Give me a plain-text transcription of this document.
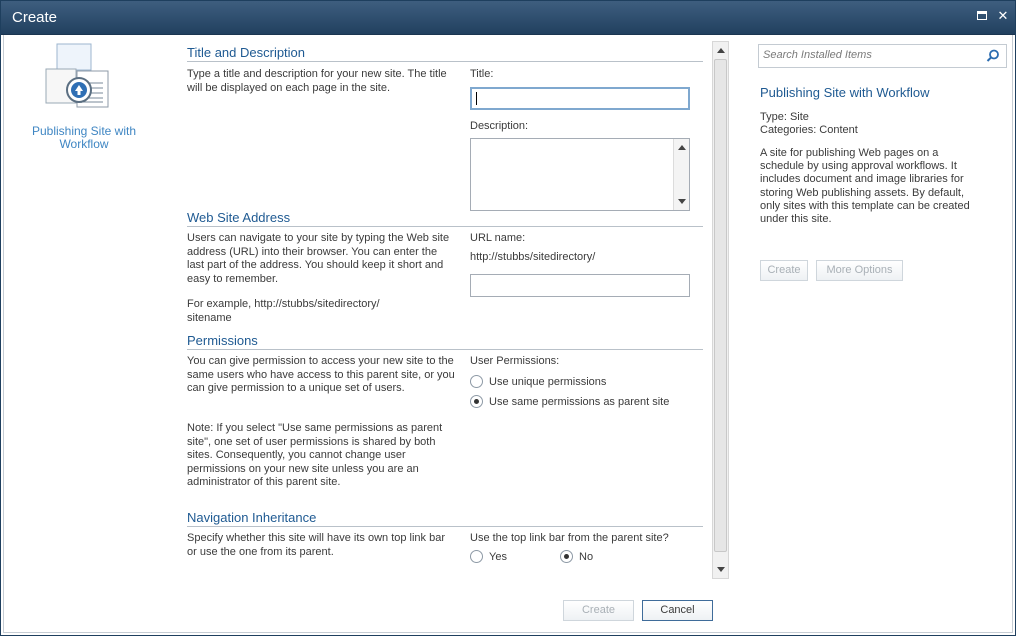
Create	✕
Publishing Site with Workflow
Title and Description
Type a title and description for your new site. The title will be displayed on each page in the site.
Title:
Description:
Web Site Address
Users can navigate to your site by typing the Web site address (URL) into their browser. You can enter the last part of the address. You should keep it short and easy to remember.
For example, http://stubbs/sitedirectory/ sitename
URL name:
http://stubbs/sitedirectory/
Permissions
You can give permission to access your new site to the same users who have access to this parent site, or you can give permission to a unique set of users.
Note: If you select "Use same permissions as parent site", one set of user permissions is shared by both sites. Consequently, you cannot change user permissions on your new site unless you are an administrator of this parent site.
User Permissions:
Use unique permissions
Use same permissions as parent site
Navigation Inheritance
Specify whether this site will have its own top link bar or use the one from its parent.
Use the top link bar from the parent site?
Yes	No
Create	Cancel
Search Installed Items
Publishing Site with Workflow
Type: Site
Categories: Content
A site for publishing Web pages on a schedule by using approval workflows. It includes document and image libraries for storing Web publishing assets. By default, only sites with this template can be created under this site.
Create	More Options
